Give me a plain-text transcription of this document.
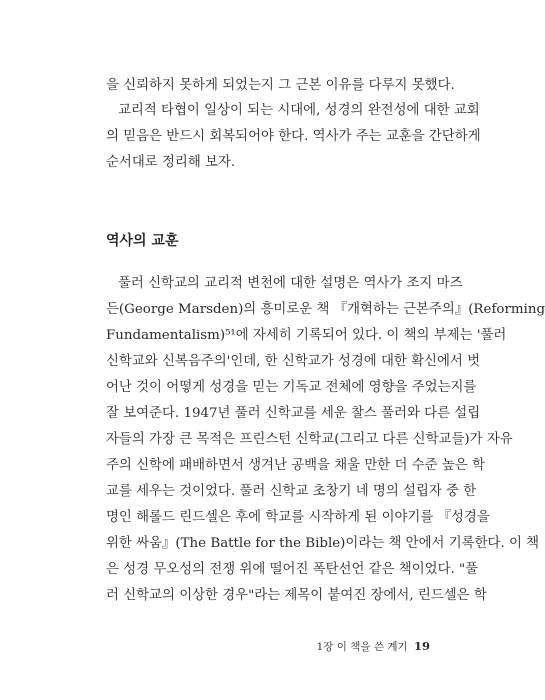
을 신뢰하지 못하게 되었는지 그 근본 이유를 다루지 못했다.
교리적 타협이 일상이 되는 시대에, 성경의 완전성에 대한 교회
의 믿음은 반드시 회복되어야 한다. 역사가 주는 교훈을 간단하게
순서대로 정리해 보자.
역사의 교훈
풀러 신학교의 교리적 변천에 대한 설명은 역사가 조지 마즈
든(George Marsden)의 흥미로운 책 『개혁하는 근본주의』(Reforming
Fundamentalism)⁵¹에 자세히 기록되어 있다. 이 책의 부제는 '풀러
신학교와 신복음주의'인데, 한 신학교가 성경에 대한 확신에서 벗
어난 것이 어떻게 성경을 믿는 기독교 전체에 영향을 주었는지를
잘 보여준다. 1947년 풀러 신학교를 세운 찰스 풀러와 다른 설립
자들의 가장 큰 목적은 프린스턴 신학교(그리고 다른 신학교들)가 자유
주의 신학에 패배하면서 생겨난 공백을 채울 만한 더 수준 높은 학
교를 세우는 것이었다. 풀러 신학교 초창기 네 명의 설립자 중 한
명인 해롤드 린드셀은 후에 학교를 시작하게 된 이야기를 『성경을
위한 싸움』(The Battle for the Bible)이라는 책 안에서 기록한다. 이 책
은 성경 무오성의 전쟁 위에 떨어진 폭탄선언 같은 책이었다. "풀
러 신학교의 이상한 경우"라는 제목이 붙여진 장에서, 린드셀은 학
1장 이 책을 쓴 계기 19
